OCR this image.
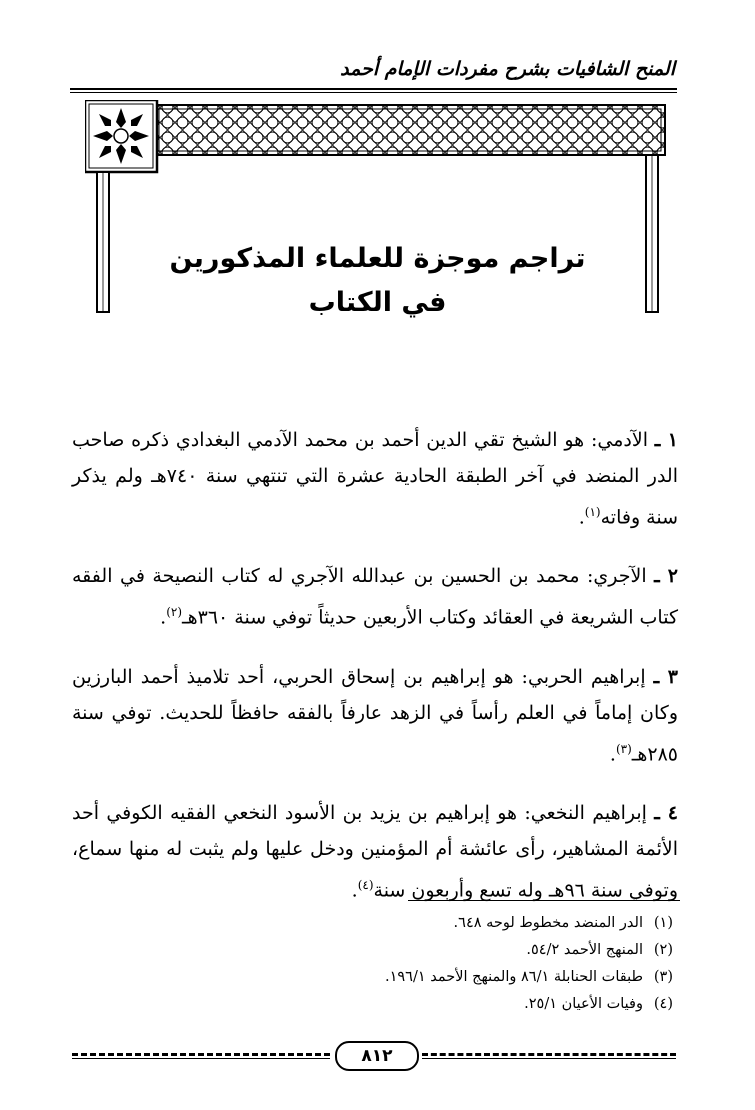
المنح الشافيات بشرح مفردات الإمام أحمد
تراجم موجزة للعلماء المذكورين
في الكتاب

١ ـ الآدمي: هو الشيخ تقي الدين أحمد بن محمد الآدمي البغدادي ذكره صاحب الدر المنضد في آخر الطبقة الحادية عشرة التي تنتهي سنة ٧٤٠هـ ولم يذكر سنة وفاته$^{(١)}$.

٢ ـ الآجري: محمد بن الحسين بن عبدالله الآجري له كتاب النصيحة في الفقه كتاب الشريعة في العقائد وكتاب الأربعين حديثاً توفي سنة ٣٦٠هـ$^{(٢)}$.

٣ ـ إبراهيم الحربي: هو إبراهيم بن إسحاق الحربي، أحد تلاميذ أحمد البارزين وكان إماماً في العلم رأساً في الزهد عارفاً بالفقه حافظاً للحديث. توفي سنة ٢٨٥هـ$^{(٣)}$.

٤ ـ إبراهيم النخعي: هو إبراهيم بن يزيد بن الأسود النخعي الفقيه الكوفي أحد الأئمة المشاهير، رأى عائشة أم المؤمنين ودخل عليها ولم يثبت له منها سماع، وتوفي سنة ٩٦هـ وله تسع وأربعون سنة$^{(٤)}$.

(١)الدر المنضد مخطوط لوحه ٦٤٨.
(٢)المنهج الأحمد ٥٤/٢.
(٣)طبقات الحنابلة ٨٦/١ والمنهج الأحمد ١٩٦/١.
(٤)وفيات الأعيان ٢٥/١.
٨١٢
